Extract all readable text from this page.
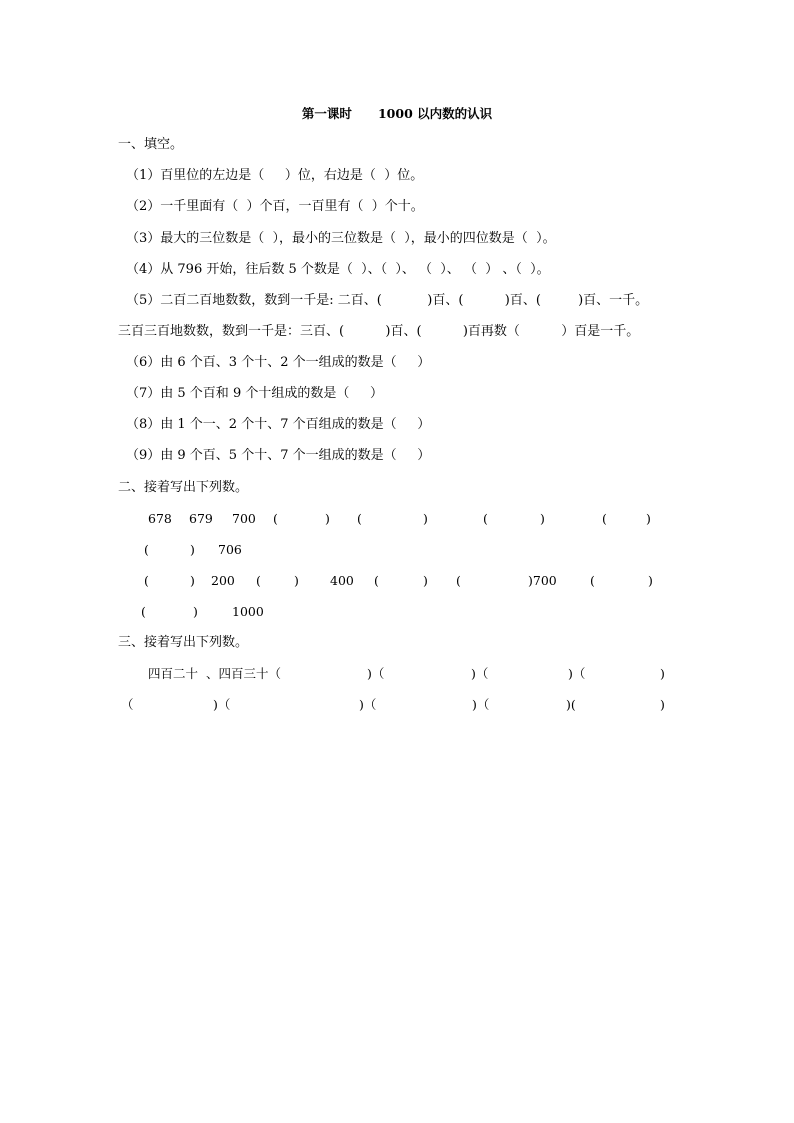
第一课时      1000 以内数的认识
一、填空。
（1）百里位的左边是（     ）位，右边是（  ）位。
（2）一千里面有（  ）个百，一百里有（  ）个十。
（3）最大的三位数是（  ），最小的三位数是（  ），最小的四位数是（  ）。
（4）从 796 开始，往后数 5 个数是（  ）、（  ）、 （  ）、 （  ） 、（  ）。
（5）二百二百地数数，数到一千是: 二百、(           )百、(          )百、(         )百、一千。
三百三百地数数，数到一千是：三百、(          )百、(          )百再数（          ）百是一千。
（6）由 6 个百、3 个十、2 个一组成的数是（     ）
（7）由 5 个百和 9 个十组成的数是（     ）
（8）由 1 个一、2 个十、7 个百组成的数是（     ）
（9）由 9 个百、5 个十、7 个一组成的数是（     ）
二、接着写出下列数。
678 679 700 (	) (	)	(	)	(	)
(	) 706
(	) 200 (	) 400 (	) (	)700	(	)
(	)	1000
三、接着写出下列数。
四百二十  、四百三十（	)（	)（	)（	)
（	)（	)（	)（	)(	)
